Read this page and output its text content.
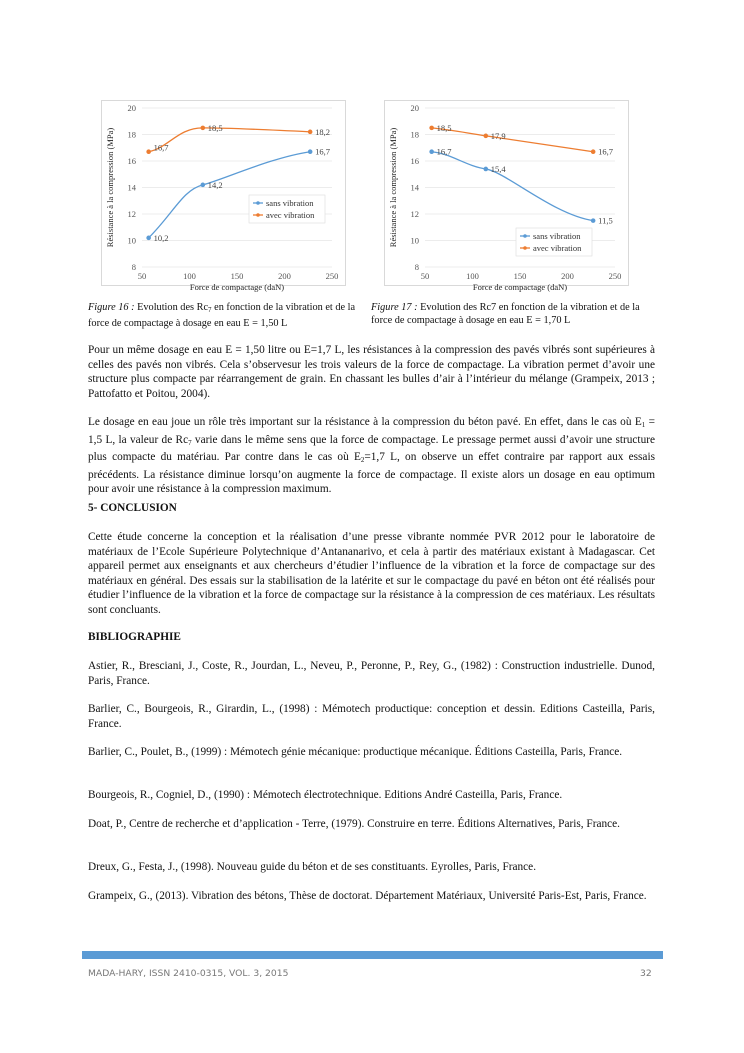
8
10
12
14
16
18
20
50	100	150	200	250
Force de compactage (daN)
Résistance à la compression (MPa)	10,2
14,2
16,7
16,7
18,5	18,2
sans vibration
avec vibration
8
10
12
14
16
18
20
50	100	150	200	250
Force de compactage (daN)
Résistance à la compression (MPa)	16,7
15,4
11,5
18,5
17,9
16,7
sans vibration
avec vibration
Figure 16 : Evolution des $Rc_7$ en fonction de la vibration et de la force de compactage à dosage en eau E = 1,50 L
Figure 17 : Evolution des Rc7 en fonction de la vibration et de la force de compactage à dosage en eau E = 1,70 L

Pour un même dosage en eau E = 1,50 litre ou E=1,7 L, les résistances à la compression des pavés vibrés sont supérieures à celles des pavés non vibrés. Cela s’observesur les trois valeurs de la force de compactage. La vibration permet d’avoir une structure plus compacte par réarrangement de grain. En chassant les bulles d’air à l’intérieur du mélange (Grampeix, 2013 ; Pattofatto et Poitou, 2004).

Le dosage en eau joue un rôle très important sur la résistance à la compression du béton pavé. En effet, dans le cas où $E_1 = 1,5$ L, la valeur de $Rc_7$ varie dans le même sens que la force de compactage. Le pressage permet aussi d’avoir une structure plus compacte du matériau. Par contre dans le cas où $E_2=1,7$ L, on observe un effet contraire par rapport aux essais précédents. La résistance diminue lorsqu’on augmente la force de compactage. Il existe alors un dosage en eau optimum pour avoir une résistance à la compression maximum.

5- CONCLUSION

Cette étude concerne la conception et la réalisation d’une presse vibrante nommée PVR 2012 pour le laboratoire de matériaux de l’Ecole Supérieure Polytechnique d’Antananarivo, et cela à partir des matériaux existant à Madagascar. Cet appareil permet aux enseignants et aux chercheurs d’étudier l’influence de la vibration et la force de compactage sur des matériaux en général. Des essais sur la stabilisation de la latérite et sur le compactage du pavé en béton ont été réalisés pour étudier l’influence de la vibration et la force de compactage sur la résistance à la compression de ces matériaux. Les résultats sont concluants.

BIBLIOGRAPHIE
Astier, R., Bresciani, J., Coste, R., Jourdan, L., Neveu, P., Peronne, P., Rey, G., (1982) : Construction industrielle. Dunod, Paris, France.
Barlier, C., Bourgeois, R., Girardin, L., (1998) : Mémotech productique: conception et dessin. Editions Casteilla, Paris, France.
Barlier, C., Poulet, B., (1999) : Mémotech génie mécanique: productique mécanique. Éditions Casteilla, Paris, France.
Bourgeois, R., Cogniel, D., (1990) : Mémotech électrotechnique. Editions André Casteilla, Paris, France.
Doat, P., Centre de recherche et d’application - Terre, (1979). Construire en terre. Éditions Alternatives, Paris, France.
Dreux, G., Festa, J., (1998). Nouveau guide du béton et de ses constituants. Eyrolles, Paris, France.
Grampeix, G., (2013). Vibration des bétons, Thèse de doctorat. Département Matériaux, Université Paris-Est, Paris, France.
MADA-HARY, ISSN 2410-0315, VOL. 3, 2015	32
